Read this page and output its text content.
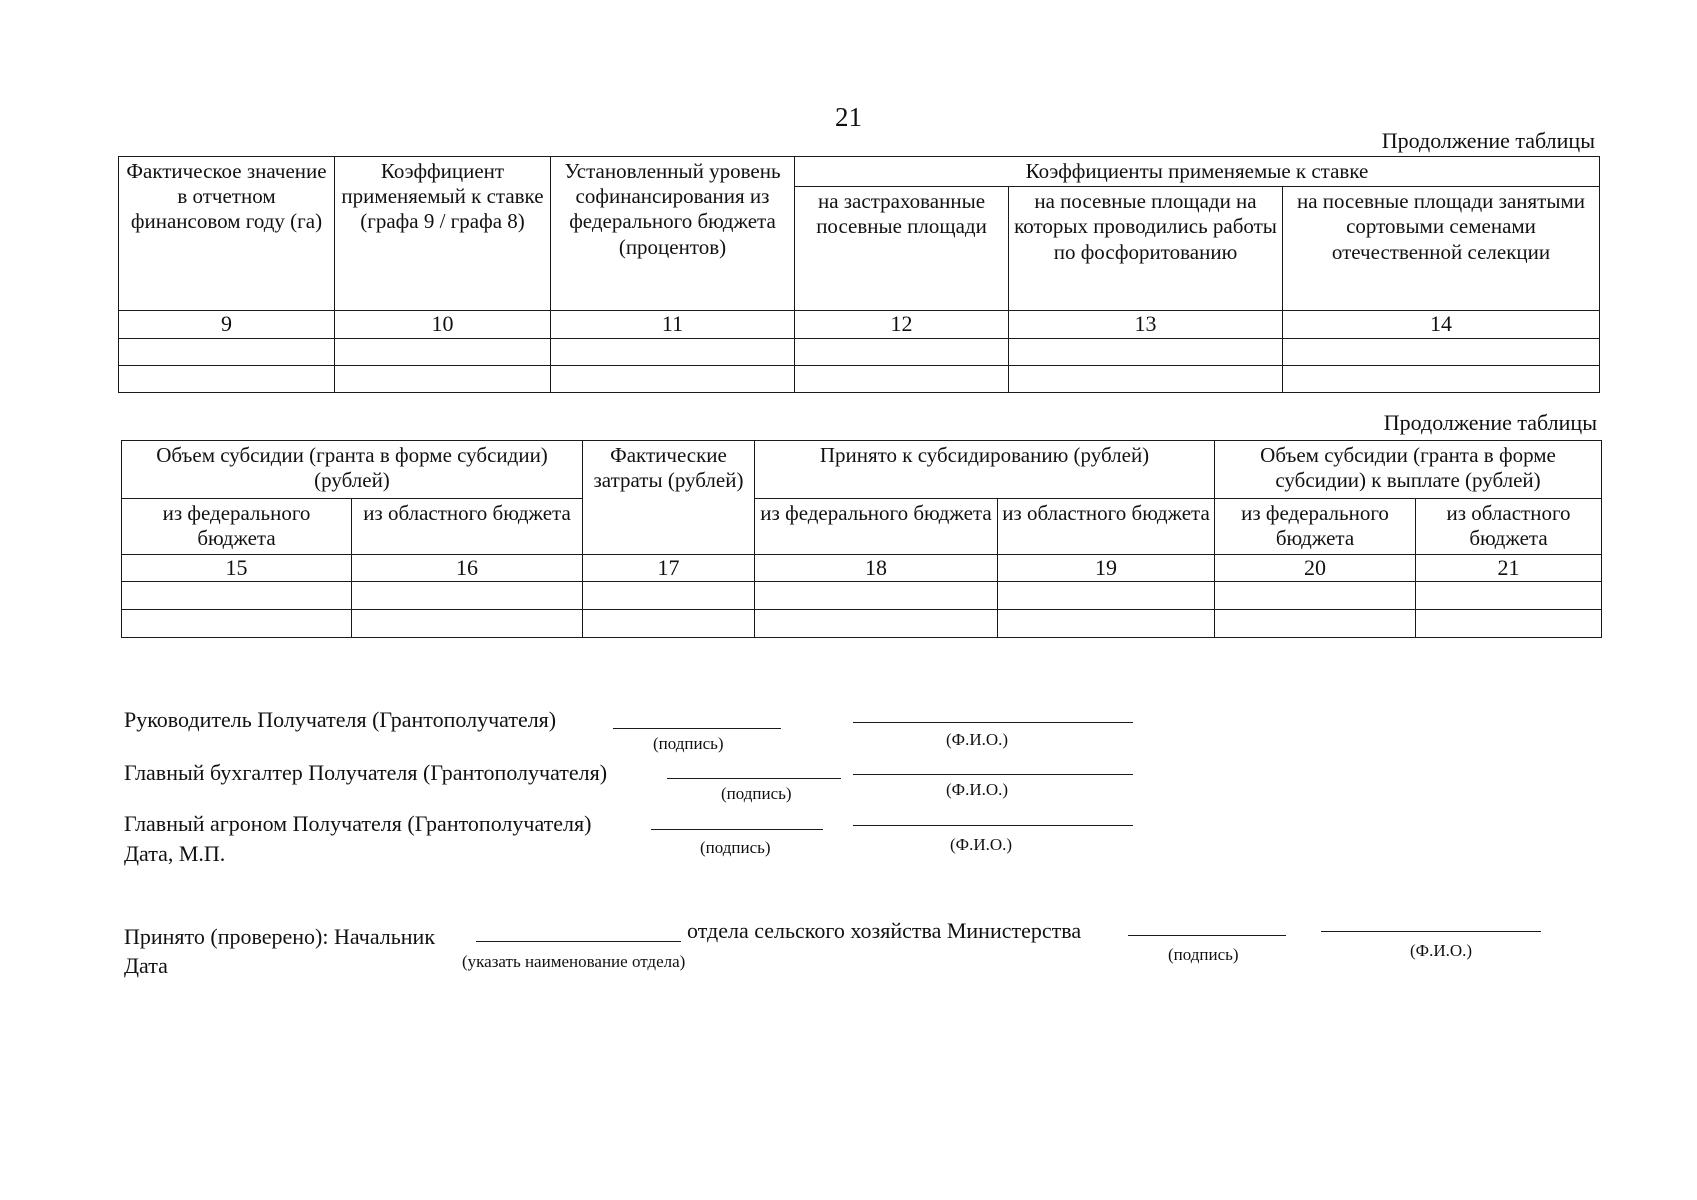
21
Продолжение таблицы
Фактическое значение в отчетном финансовом году (га)	Коэффициент применяемый к ставке (графа 9 / графа 8)	Установленный уровень софинансирования из федерального бюджета (процентов)	Коэффициенты применяемые к ставке		
			на застрахованные посевные площади	на посевные площади на которых проводились работы по фосфоритованию	на посевные площади занятыми сортовыми семенами отечественной селекции
9	10	11	12	13	14

Продолжение таблицы
Объем субсидии (гранта в форме субсидии) (рублей)		Фактические затраты (рублей)	Принято к субсидированию (рублей)		Объем субсидии (гранта в форме субсидии) к выплате (рублей)	
из федерального бюджета	из областного бюджета		из федерального бюджета	из областного бюджета	из федерального бюджета	из областного бюджета
15	16	17	18	19	20	21

Руководитель Получателя (Грантополучателя)
(подпись)	(Ф.И.О.)
Главный бухгалтер Получателя (Грантополучателя)
(подпись)	(Ф.И.О.)
Главный агроном Получателя (Грантополучателя)
Дата, М.П.	(подпись)	(Ф.И.О.)
Принято (проверено): Начальник	отдела сельского хозяйства Министерства
Дата	(указать наименование отдела)	(подпись)	(Ф.И.О.)
